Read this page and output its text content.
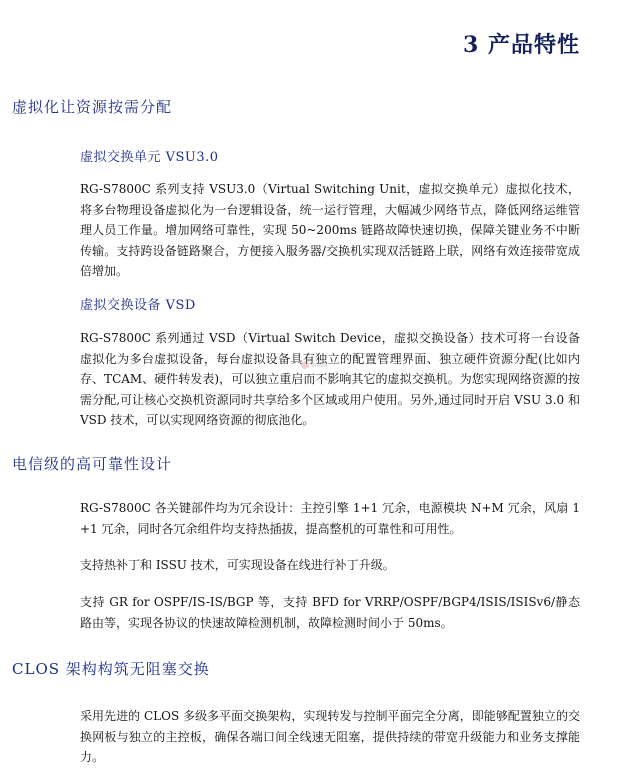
3 产品特性
虚拟化让资源按需分配
虚拟交换单元 VSU3.0
RG-S7800C 系列支持 VSU3.0（Virtual Switching Unit，虚拟交换单元）虚拟化技术，将多台物理设备虚拟化为一台逻辑设备，统一运行管理，大幅减少网络节点，降低网络运维管理人员工作量。增加网络可靠性，实现 50~200ms 链路故障快速切换，保障关键业务不中断传输。支持跨设备链路聚合，方便接入服务器/交换机实现双活链路上联，网络有效连接带宽成倍增加。
虚拟交换设备 VSD
RG-S7800C 系列通过 VSD（Virtual Switch Device，虚拟交换设备）技术可将一台设备虚拟化为多台虚拟设备，每台虚拟设备具有独立的配置管理界面、独立硬件资源分配(比如内存、TCAM、硬件转发表)，可以独立重启而不影响其它的虚拟交换机。为您实现网络资源的按需分配,可让核心交换机资源同时共享给多个区域或用户使用。另外,通过同时开启 VSU 3.0 和 VSD 技术，可以实现网络资源的彻底池化。
电信级的高可靠性设计
RG-S7800C 各关键部件均为冗余设计：主控引擎 1+1 冗余，电源模块 N+M 冗余，风扇 1+1 冗余，同时各冗余组件均支持热插拔，提高整机的可靠性和可用性。
支持热补丁和 ISSU 技术，可实现设备在线进行补丁升级。
支持 GR for OSPF/IS-IS/BGP 等，支持 BFD for VRRP/OSPF/BGP4/ISIS/ISISv6/静态路由等，实现各协议的快速故障检测机制，故障检测时间小于 50ms。
CLOS 架构构筑无阻塞交换
采用先进的 CLOS 多级多平面交换架构，实现转发与控制平面完全分离，即能够配置独立的交换网板与独立的主控板，确保各端口间全线速无阻塞，提供持续的带宽升级能力和业务支撑能力。
